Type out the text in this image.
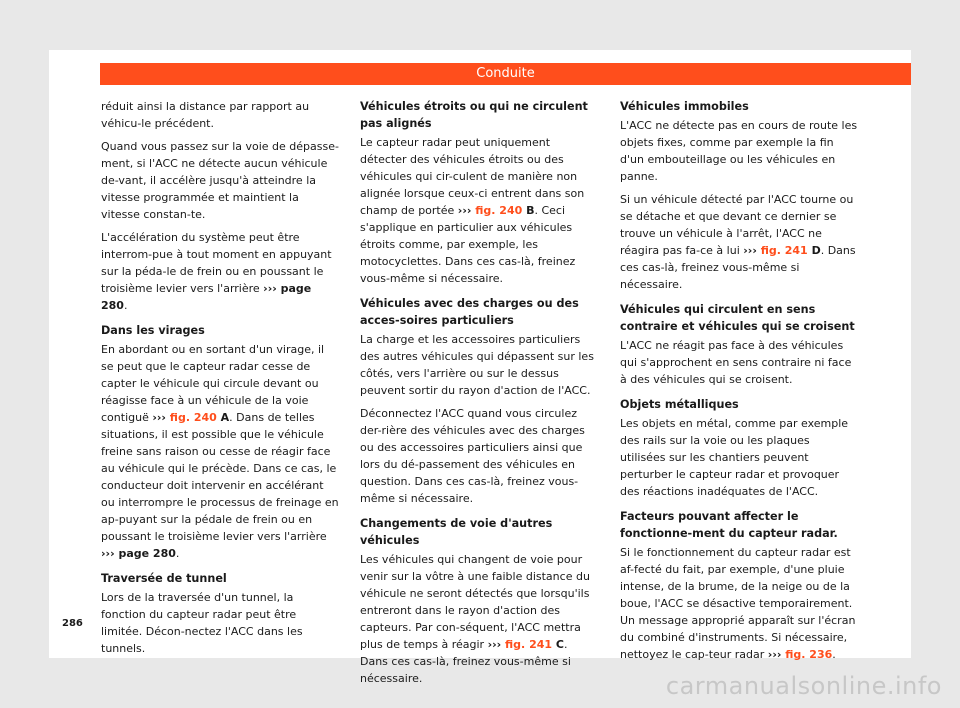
Conduite

réduit ainsi la distance par rapport au véhicu-le précédent.

Quand vous passez sur la voie de dépasse-ment, si l'ACC ne détecte aucun véhicule de-vant, il accélère jusqu'à atteindre la vitesse programmée et maintient la vitesse constan-te.

L'accélération du système peut être interrom-pue à tout moment en appuyant sur la péda-le de frein ou en poussant le troisième levier vers l'arrière ››› page 280.

Dans les virages

En abordant ou en sortant d'un virage, il se peut que le capteur radar cesse de capter le véhicule qui circule devant ou réagisse face à un véhicule de la voie contiguë ››› fig. 240 A. Dans de telles situations, il est possible que le véhicule freine sans raison ou cesse de réagir face au véhicule qui le précède. Dans ce cas, le conducteur doit intervenir en accélérant ou interrompre le processus de freinage en ap-puyant sur la pédale de frein ou en poussant le troisième levier vers l'arrière ››› page 280.

Traversée de tunnel

Lors de la traversée d'un tunnel, la fonction du capteur radar peut être limitée. Décon-nectez l'ACC dans les tunnels.

Véhicules étroits ou qui ne circulent pas alignés

Le capteur radar peut uniquement détecter des véhicules étroits ou des véhicules qui cir-culent de manière non alignée lorsque ceux-ci entrent dans son champ de portée ››› fig. 240 B. Ceci s'applique en particulier aux véhicules étroits comme, par exemple, les motocyclettes. Dans ces cas-là, freinez vous-même si nécessaire.

Véhicules avec des charges ou des acces-soires particuliers

La charge et les accessoires particuliers des autres véhicules qui dépassent sur les côtés, vers l'arrière ou sur le dessus peuvent sortir du rayon d'action de l'ACC.

Déconnectez l'ACC quand vous circulez der-rière des véhicules avec des charges ou des accessoires particuliers ainsi que lors du dé-passement des véhicules en question. Dans ces cas-là, freinez vous-même si nécessaire.

Changements de voie d'autres véhicules

Les véhicules qui changent de voie pour venir sur la vôtre à une faible distance du véhicule ne seront détectés que lorsqu'ils entreront dans le rayon d'action des capteurs. Par con-séquent, l'ACC mettra plus de temps à réagir ››› fig. 241 C. Dans ces cas-là, freinez vous-même si nécessaire.

Véhicules immobiles

L'ACC ne détecte pas en cours de route les objets fixes, comme par exemple la fin d'un embouteillage ou les véhicules en panne.

Si un véhicule détecté par l'ACC tourne ou se détache et que devant ce dernier se trouve un véhicule à l'arrêt, l'ACC ne réagira pas fa-ce à lui ››› fig. 241 D. Dans ces cas-là, freinez vous-même si nécessaire.

Véhicules qui circulent en sens contraire et véhicules qui se croisent

L'ACC ne réagit pas face à des véhicules qui s'approchent en sens contraire ni face à des véhicules qui se croisent.

Objets métalliques

Les objets en métal, comme par exemple des rails sur la voie ou les plaques utilisées sur les chantiers peuvent perturber le capteur radar et provoquer des réactions inadéquates de l'ACC.

Facteurs pouvant affecter le fonctionne-ment du capteur radar.

Si le fonctionnement du capteur radar est af-fecté du fait, par exemple, d'une pluie intense, de la brume, de la neige ou de la boue, l'ACC se désactive temporairement. Un message approprié apparaît sur l'écran du combiné d'instruments. Si nécessaire, nettoyez le cap-teur radar ››› fig. 236.

286
carmanualsonline.info
